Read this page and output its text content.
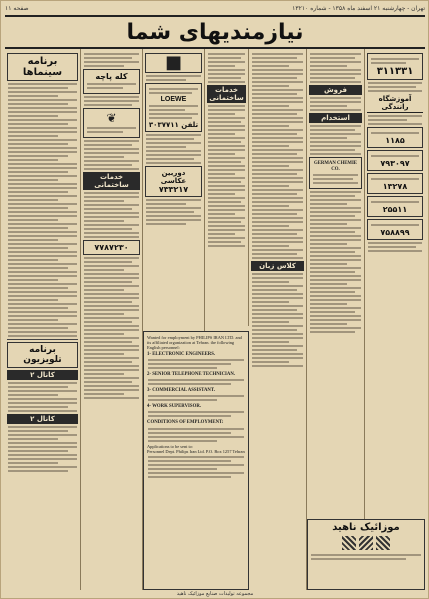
صفحه ۱۱	تهران - چهارشنبه ۲۱ اسفند ماه ۱۳۵۸ - شماره ۱۳۲۱۰
نیازمندیهای شما
برنامه سینماها
برنامه تلویزیون
کانال ۲
کانال ۲
کله پاچه
❦
خدمات ساختمانی
۷۷۸۷۲۳۰
■
LOEWE
تلفن ۳۰۳۷۷۱۱
دوربین عکاسی
۷۳۳۲۱۷
Wanted for employment by PHILIPS IRAN LTD. and its affiliated organization at Tehran. the following English personnel:
1- ELECTRONIC ENGINEERS.
2- SENIOR TELEPHONE TECHNICIAN.
3- COMMERCIAL ASSISTANT.
4- WORK SUPERVISOR.
CONDITIONS OF EMPLOYMENT:
Applications to be sent to:
Personnel Dept. Philips Iran Ltd. P.O. Box 1257 Tehran
خدمات ساختمانی
کلاس زبان
فروش
استخدام
GERMAN CHEMIE CO.
۳۱۱۳۳۱
آموزشگاه رانندگی
۱۱۸۵
۷۹۳۰۹۷
۱۳۲۷۸
۲۵۵۱۱
۷۵۸۸۹۹
موزائیک ناهید
مجموعه تولیدات صنایع موزائیک ناهید
